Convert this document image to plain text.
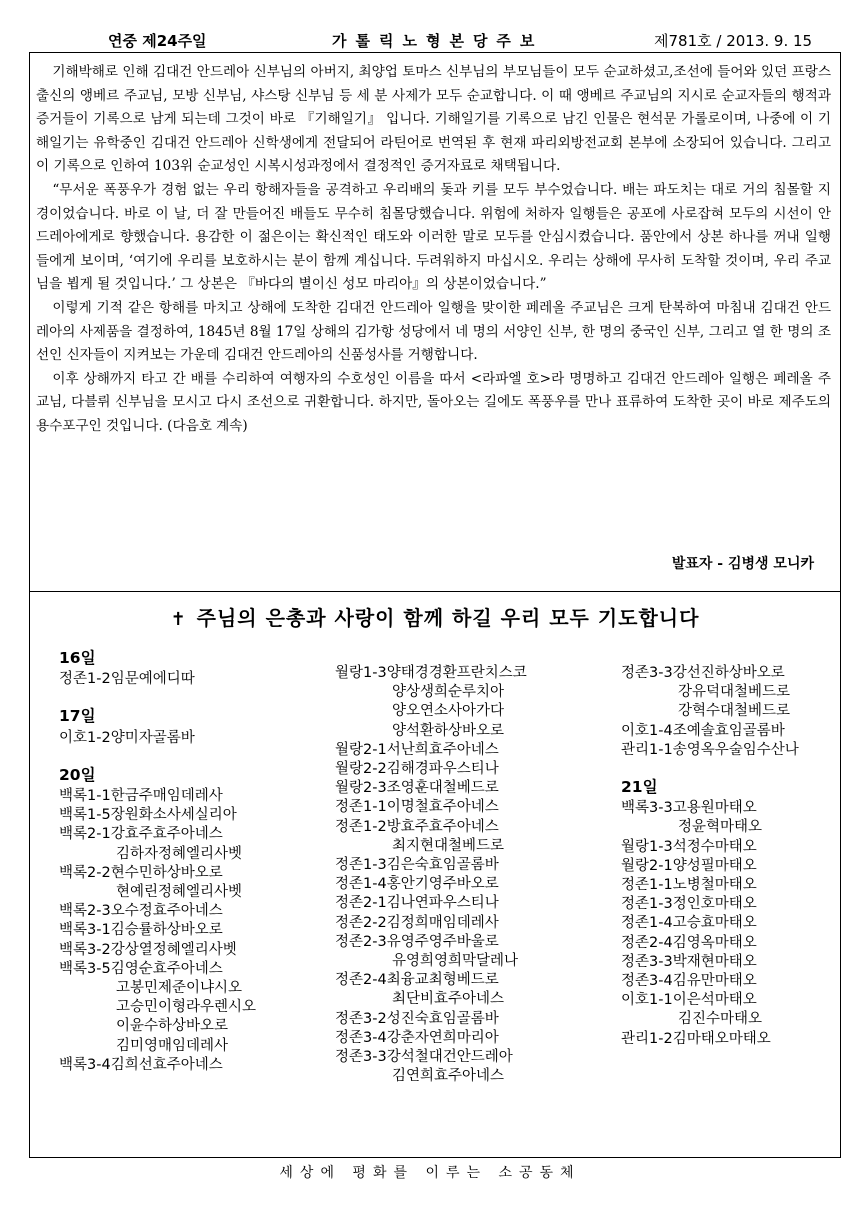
연중 제24주일	가톨릭노형본당주보	제781호 / 2013. 9. 15

기해박해로 인해 김대건 안드레아 신부님의 아버지, 최양업 토마스 신부님의 부모님들이 모두 순교하셨고,조선에 들어와 있던 프랑스 출신의 앵베르 주교님, 모방 신부님, 샤스탕 신부님 등 세 분 사제가 모두 순교합니다. 이 때 앵베르 주교님의 지시로 순교자들의 행적과 증거들이 기록으로 남게 되는데 그것이 바로 『기해일기』 입니다. 기해일기를 기록으로 남긴 인물은 현석문 가롤로이며, 나중에 이 기해일기는 유학중인 김대건 안드레아 신학생에게 전달되어 라틴어로 번역된 후 현재 파리외방전교회 본부에 소장되어 있습니다. 그리고 이 기록으로 인하여 103위 순교성인 시복시성과정에서 결정적인 증거자료로 채택됩니다.

“무서운 폭풍우가 경험 없는 우리 항해자들을 공격하고 우리배의 돛과 키를 모두 부수었습니다. 배는 파도치는 대로 거의 침몰할 지경이었습니다. 바로 이 날, 더 잘 만들어진 배들도 무수히 침몰당했습니다. 위험에 처하자 일행들은 공포에 사로잡혀 모두의 시선이 안드레아에게로 향했습니다. 용감한 이 젊은이는 확신적인 태도와 이러한 말로 모두를 안심시켰습니다. 품안에서 상본 하나를 꺼내 일행들에게 보이며, ‘여기에 우리를 보호하시는 분이 함께 계십니다. 두려워하지 마십시오. 우리는 상해에 무사히 도착할 것이며, 우리 주교님을 뵙게 될 것입니다.’ 그 상본은 『바다의 별이신 성모 마리아』의 상본이었습니다.”

이렇게 기적 같은 항해를 마치고 상해에 도착한 김대건 안드레아 일행을 맞이한 페레올 주교님은 크게 탄복하여 마침내 김대건 안드레아의 사제품을 결정하여, 1845년 8월 17일 상해의 김가항 성당에서 네 명의 서양인 신부, 한 명의 중국인 신부, 그리고 열 한 명의 조선인 신자들이 지켜보는 가운데 김대건 안드레아의 신품성사를 거행합니다.

이후 상해까지 타고 간 배를 수리하여 여행자의 수호성인 이름을 따서 <라파엘 호>라 명명하고 김대건 안드레아 일행은 페레올 주교님, 다블뤼 신부님을 모시고 다시 조선으로 귀환합니다. 하지만, 돌아오는 길에도 폭풍우를 만나 표류하여 도착한 곳이 바로 제주도의 용수포구인 것입니다. (다음호 계속)

발표자 - 김병생 모니카
✝ 주님의 은총과 사랑이 함께 하길 우리 모두 기도합니다
16일
정존1-2임문예에디따
17일
이호1-2양미자골롬바
20일
백록1-1한금주매임데레사
백록1-5장원화소사세실리아
백록2-1강효주효주아네스
김하자정혜엘리사벳
백록2-2현수민하상바오로
현예린정혜엘리사벳
백록2-3오수정효주아네스
백록3-1김승률하상바오로
백록3-2강상열정혜엘리사벳
백록3-5김영순효주아네스
고봉민제준이냐시오
고승민이형라우렌시오
이윤수하상바오로
김미영매임데레사
백록3-4김희선효주아네스
월랑1-3양태경경환프란치스코
양상생희순루치아
양오연소사아가다
양석환하상바오로
월랑2-1서난희효주아네스
월랑2-2김해경파우스티나
월랑2-3조영훈대철베드로
정존1-1이명철효주아네스
정존1-2방효주효주아네스
최지현대철베드로
정존1-3김은숙효임골롬바
정존1-4홍안기영주바오로
정존2-1김나연파우스티나
정존2-2김정희매임데레사
정존2-3유영주영주바울로
유영희영희막달레나
정존2-4최융교최형베드로
최단비효주아네스
정존3-2성진숙효임골롬바
정존3-4강춘자연희마리아
정존3-3강석철대건안드레아
김연희효주아네스
정존3-3강선진하상바오로
강유덕대철베드로
강혁수대철베드로
이호1-4조예솔효임골롬바
관리1-1송영옥우술임수산나
21일
백록3-3고용원마태오
정윤혁마태오
월랑1-3석정수마태오
월랑2-1양성필마태오
정존1-1노병철마태오
정존1-3정인호마태오
정존1-4고승효마태오
정존2-4김영옥마태오
정존3-3박재현마태오
정존3-4김유만마태오
이호1-1이은석마태오
김진수마태오
관리1-2김마태오마태오
세상에 평화를 이루는 소공동체
